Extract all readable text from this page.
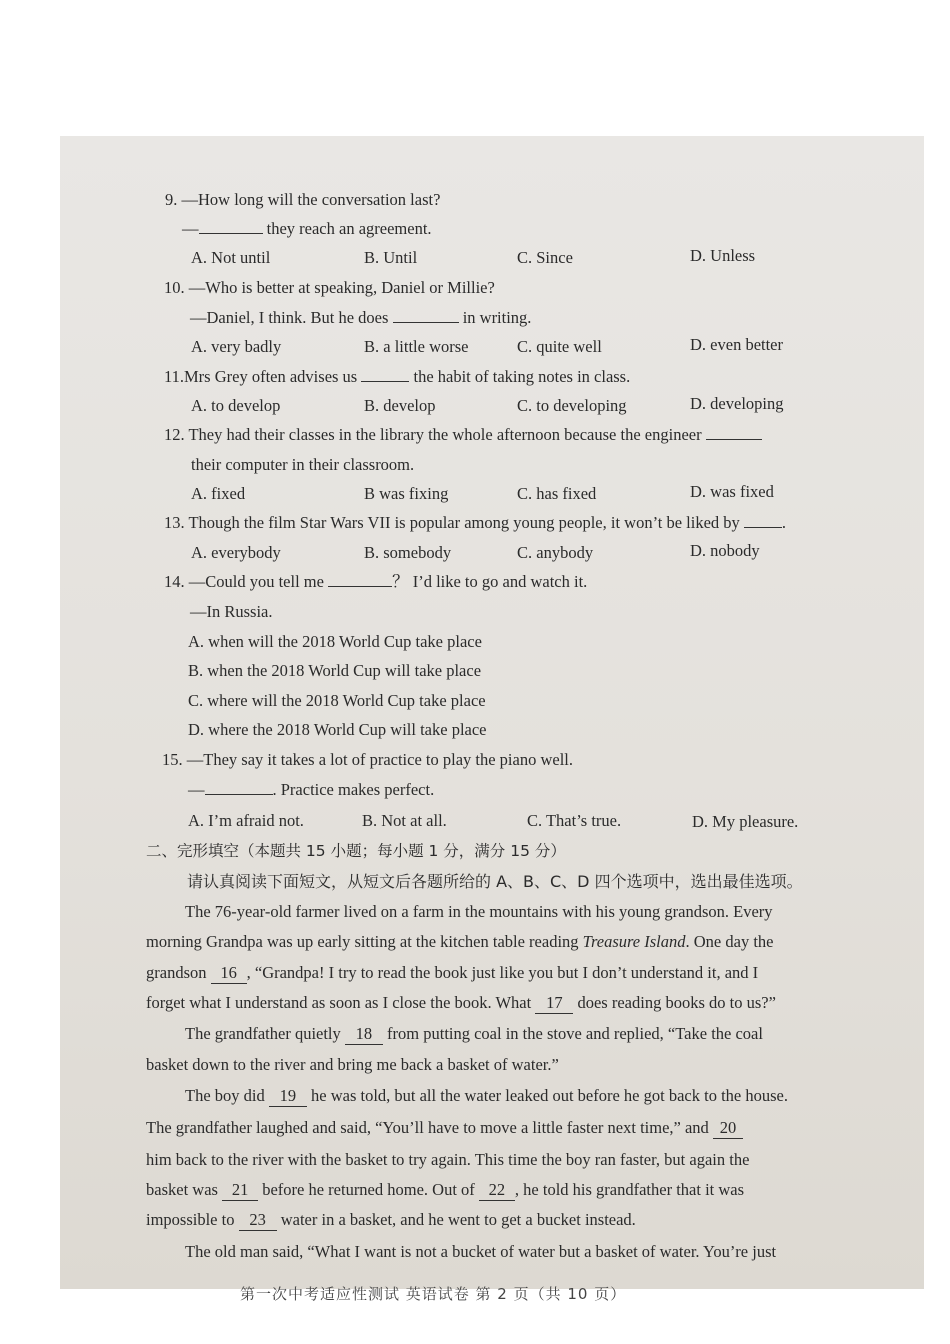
9. —How long will the conversation last?
—	they reach an agreement.
A. Not until	B. Until	C. Since	D. Unless
10. —Who is better at speaking, Daniel or Millie?
—Daniel, I think. But he does	in writing.
A. very badly	B. a little worse	C. quite well	D. even better
11.Mrs Grey often advises us	the habit of taking notes in class.
A. to develop	B. develop	C. to developing	D. developing
12. They had their classes in the library the whole afternoon because the engineer
their computer in their classroom.
A. fixed	B was fixing	C. has fixed	D. was fixed
13. Though the film Star Wars VII is popular among young people, it won’t be liked by .
A. everybody	B. somebody	C. anybody	D. nobody
14. —Could you tell me	？ I’d like to go and watch it.
—In Russia.
A. when will the 2018 World Cup take place
B. when the 2018 World Cup will take place
C. where will the 2018 World Cup take place
D. where the 2018 World Cup will take place
15. —They say it takes a lot of practice to play the piano well.
—	. Practice makes perfect.
A. I’m afraid not.	B. Not at all.	C. That’s true.	D. My pleasure.
二、完形填空（本题共 15 小题；每小题 1 分，满分 15 分）
请认真阅读下面短文，从短文后各题所给的 A、B、C、D 四个选项中，选出最佳选项。
The 76-year-old farmer lived on a farm in the mountains with his young grandson. Every
morning Grandpa was up early sitting at the kitchen table reading Treasure Island. One day the
grandson 16 , “Grandpa! I try to read the book just like you but I don’t understand it, and I
forget what I understand as soon as I close the book. What 17 does reading books do to us?”
The grandfather quietly 18 from putting coal in the stove and replied, “Take the coal
basket down to the river and bring me back a basket of water.”
The boy did 19 he was told, but all the water leaked out before he got back to the house.
The grandfather laughed and said, “You’ll have to move a little faster next time,” and 20
him back to the river with the basket to try again. This time the boy ran faster, but again the
basket was 21 before he returned home. Out of 22 , he told his grandfather that it was
impossible to 23 water in a basket, and he went to get a bucket instead.
The old man said, “What I want is not a bucket of water but a basket of water. You’re just
第一次中考适应性测试 英语试卷 第 2 页（共 10 页）
